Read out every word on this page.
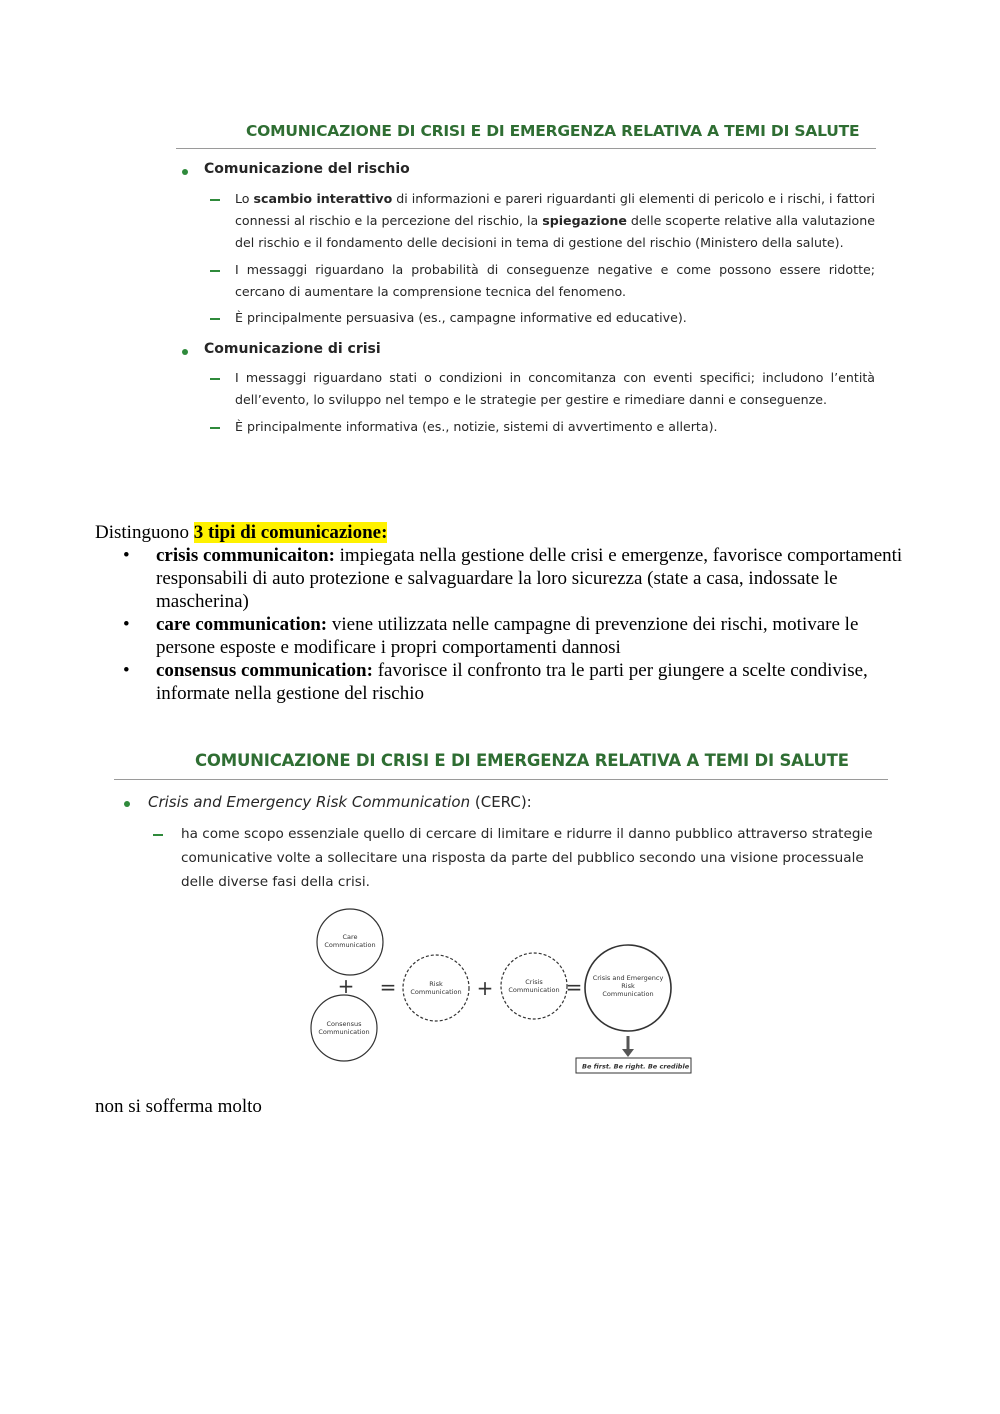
​
COMUNICAZIONE DI CRISI E DI EMERGENZA RELATIVA A TEMI DI SALUTE
Comunicazione del rischio
Lo scambio interattivo di informazioni e pareri riguardanti gli elementi di pericolo e i rischi, i fattori connessi al rischio e la percezione del rischio, la spiegazione delle scoperte relative alla valutazione del rischio e il fondamento delle decisioni in tema di gestione del rischio (Ministero della salute).
I messaggi riguardano la probabilità di conseguenze negative e come possono essere ridotte; cercano di aumentare la comprensione tecnica del fenomeno.
È principalmente persuasiva (es., campagne informative ed educative).
Comunicazione di crisi
I messaggi riguardano stati o condizioni in concomitanza con eventi specifici; includono l’entità dell’evento, lo sviluppo nel tempo e le strategie per gestire e rimediare danni e conseguenze.
È principalmente informativa (es., notizie, sistemi di avvertimento e allerta).
Distinguono 3 tipi di comunicazione:
• crisis communicaiton: impiegata nella gestione delle crisi e emergenze, favorisce comportamenti responsabili di auto protezione e salvaguardare la loro sicurezza (state a casa, indossate le mascherina)
• care communication: viene utilizzata nelle campagne di prevenzione dei rischi, motivare le persone esposte e modificare i propri comportamenti dannosi
• consensus communication: favorisce il confronto tra le parti per giungere a scelte condivise, informate nella gestione del rischio
COMUNICAZIONE DI CRISI E DI EMERGENZA RELATIVA A TEMI DI SALUTE
Crisis and Emergency Risk Communication (CERC):
ha come scopo essenziale quello di cercare di limitare e ridurre il danno pubblico attraverso strategie comunicative volte a sollecitare una risposta da parte del pubblico secondo una visione processuale delle diverse fasi della crisi.
Care
Communication
+
Consensus
Communication
=	Risk
Communication +	Crisis
Communication = Crisis and Emergency
Risk
Communication
Be first. Be right. Be credible
non si sofferma molto
